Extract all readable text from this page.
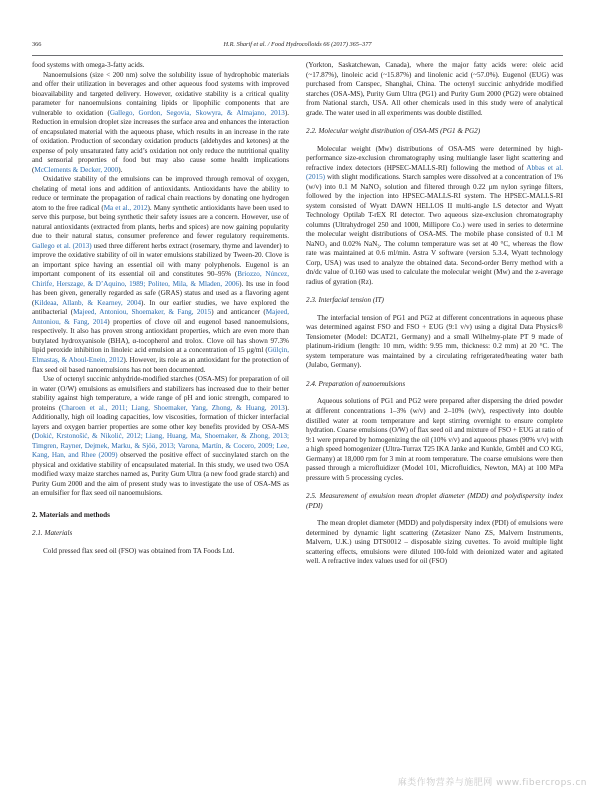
366	H.R. Sharif et al. / Food Hydrocolloids 66 (2017) 365–377

food systems with omega-3-fatty acids.

Nanoemulsions (size < 200 nm) solve the solubility issue of hydrophobic materials and offer their utilization in beverages and other aqueous food systems with improved bioavailability and targeted delivery. However, oxidative stability is a critical quality parameter for nanoemulsions containing lipids or lipophilic components that are vulnerable to oxidation (Gallego, Gordon, Segovia, Skowyra, & Almajano, 2013). Reduction in emulsion droplet size increases the surface area and enhances the interaction of encapsulated material with the aqueous phase, which results in an increase in the rate of oxidation. Production of secondary oxidation products (aldehydes and ketones) at the expense of poly unsaturated fatty acid’s oxidation not only reduce the nutritional quality and sensorial properties of food but may also cause some health implications (McClements & Decker, 2000).

Oxidative stability of the emulsions can be improved through removal of oxygen, chelating of metal ions and addition of antioxidants. Antioxidants have the ability to reduce or terminate the propagation of radical chain reactions by donating one hydrogen atom to the free radical (Ma et al., 2012). Many synthetic antioxidants have been used to serve this purpose, but being synthetic their safety issues are a concern. However, use of natural antioxidants (extracted from plants, herbs and spices) are now gaining popularity due to their natural status, consumer preference and fewer regulatory requirements. Gallego et al. (2013) used three different herbs extract (rosemary, thyme and lavender) to improve the oxidative stability of oil in water emulsions stabilized by Tween-20. Clove is an important spice having an essential oil with many polyphenols. Eugenol is an important component of its essential oil and constitutes 90–95% (Briozzo, Núncez, Chirife, Herszage, & D’Aquino, 1989; Politeo, Mila, & Mladen, 2006). Its use in food has been given, generally regarded as safe (GRAS) status and used as a flavoring agent (Kildeaa, Allanb, & Kearney, 2004). In our earlier studies, we have explored the antibacterial (Majeed, Antoniou, Shoemaker, & Fang, 2015) and anticancer (Majeed, Antoniou, & Fang, 2014) properties of clove oil and eugenol based nanoemulsions, respectively. It also has proven strong antioxidant properties, which are even more than butylated hydroxyanisole (BHA), α-tocopherol and trolox. Clove oil has shown 97.3% lipid peroxide inhibition in linoleic acid emulsion at a concentration of 15 μg/ml (Gülçin, Elmastaş, & Aboul-Enein, 2012). However, its role as an antioxidant for the protection of flax seed oil based nanoemulsions has not been documented.

Use of octenyl succinic anhydride-modified starches (OSA-MS) for preparation of oil in water (O/W) emulsions as emulsifiers and stabilizers has increased due to their better stability against high temperature, a wide range of pH and ionic strength, compared to proteins (Charoen et al., 2011; Liang, Shoemaker, Yang, Zhong, & Huang, 2013). Additionally, high oil loading capacities, low viscosities, formation of thicker interfacial layers and oxygen barrier properties are some other key benefits provided by OSA-MS (Dokić, Krstonošić, & Nikolić, 2012; Liang, Huang, Ma, Shoemaker, & Zhong, 2013; Timgren, Rayner, Dejmek, Marku, & Sjöö, 2013; Varona, Martín, & Cocero, 2009; Lee, Kang, Han, and Rhee (2009) observed the positive effect of succinylated starch on the physical and oxidative stability of encapsulated material. In this study, we used two OSA modified waxy maize starches named as, Purity Gum Ultra (a new food grade starch) and Purity Gum 2000 and the aim of present study was to investigate the use of OSA-MS as an emulsifier for flax seed oil nanoemulsions.

2. Materials and methods
2.1. Materials

Cold pressed flax seed oil (FSO) was obtained from TA Foods Ltd.

(Yorkton, Saskatchewan, Canada), where the major fatty acids were: oleic acid (~17.87%), linoleic acid (~15.87%) and linolenic acid (~57.0%). Eugenol (EUG) was purchased from Canspec, Shanghai, China. The octenyl succinic anhydride modified starches (OSA-MS), Purity Gum Ultra (PG1) and Purity Gum 2000 (PG2) were obtained from National starch, USA. All other chemicals used in this study were of analytical grade. The water used in all experiments was double distilled.

2.2. Molecular weight distribution of OSA-MS (PG1 & PG2)

Molecular weight (Mw) distributions of OSA-MS were determined by high-performance size-exclusion chromatography using multiangle laser light scattering and refractive index detectors (HPSEC-MALLS-RI) following the method of Abbas et al. (2015) with slight modifications. Starch samples were dissolved at a concentration of 1% (w/v) into 0.1 M NaNO₃ solution and filtered through 0.22 μm nylon syringe filters, followed by the injection into HPSEC-MALLS-RI system. The HPSEC-MALLS-RI system consisted of Wyatt DAWN HELLOS II multi-angle LS detector and Wyatt Technology Optilab T-rEX RI detector. Two aqueous size-exclusion chromatography columns (Ultrahydrogel 250 and 1000, Millipore Co.) were used in series to determine the molecular weight distributions of OSA-MS. The mobile phase consisted of 0.1 M NaNO₃ and 0.02% NaN₃. The column temperature was set at 40 °C, whereas the flow rate was maintained at 0.6 ml/min. Astra V software (version 5.3.4, Wyatt technology Corp, USA) was used to analyze the obtained data. Second-order Berry method with a dn/dc value of 0.160 was used to calculate the molecular weight (Mw) and the z-average radius of gyration (Rz).

2.3. Interfacial tension (IT)

The interfacial tension of PG1 and PG2 at different concentrations in aqueous phase was determined against FSO and FSO + EUG (9:1 v/v) using a digital Data Physics® Tensiometer (Model: DCAT21, Germany) and a small Wilhelmy-plate PT 9 made of platinum-iridium (length: 10 mm, width: 9.95 mm, thickness: 0.2 mm) at 20 °C. The system temperature was maintained by a circulating refrigerated/heating water bath (Julabo, Germany).

2.4. Preparation of nanoemulsions

Aqueous solutions of PG1 and PG2 were prepared after dispersing the dried powder at different concentrations 1–3% (w/v) and 2–10% (w/v), respectively into double distilled water at room temperature and kept stirring overnight to ensure complete hydration. Coarse emulsions (O/W) of flax seed oil and mixture of FSO + EUG at ratio of 9:1 were prepared by homogenizing the oil (10% v/v) and aqueous phases (90% v/v) with a high speed homogenizer (Ultra-Turrax T25 IKA Janke and Kunkle, GmbH and CO KG, Germany) at 18,000 rpm for 3 min at room temperature. The coarse emulsions were then passed through a microfluidizer (Model 101, Microfluidics, Newton, MA) at 100 MPa pressure with 5 processing cycles.

2.5. Measurement of emulsion mean droplet diameter (MDD) and polydispersity index (PDI)

The mean droplet diameter (MDD) and polydispersity index (PDI) of emulsions were determined by dynamic light scattering (Zetasizer Nano ZS, Malvern Instruments, Malvern, U.K.) using DTS0012 – disposable sizing cuvettes. To avoid multiple light scattering effects, emulsions were diluted 100-fold with deionized water and agitated well. A refractive index values used for oil (FSO)

麻类作物营养与施肥网 www.fibercrops.cn
